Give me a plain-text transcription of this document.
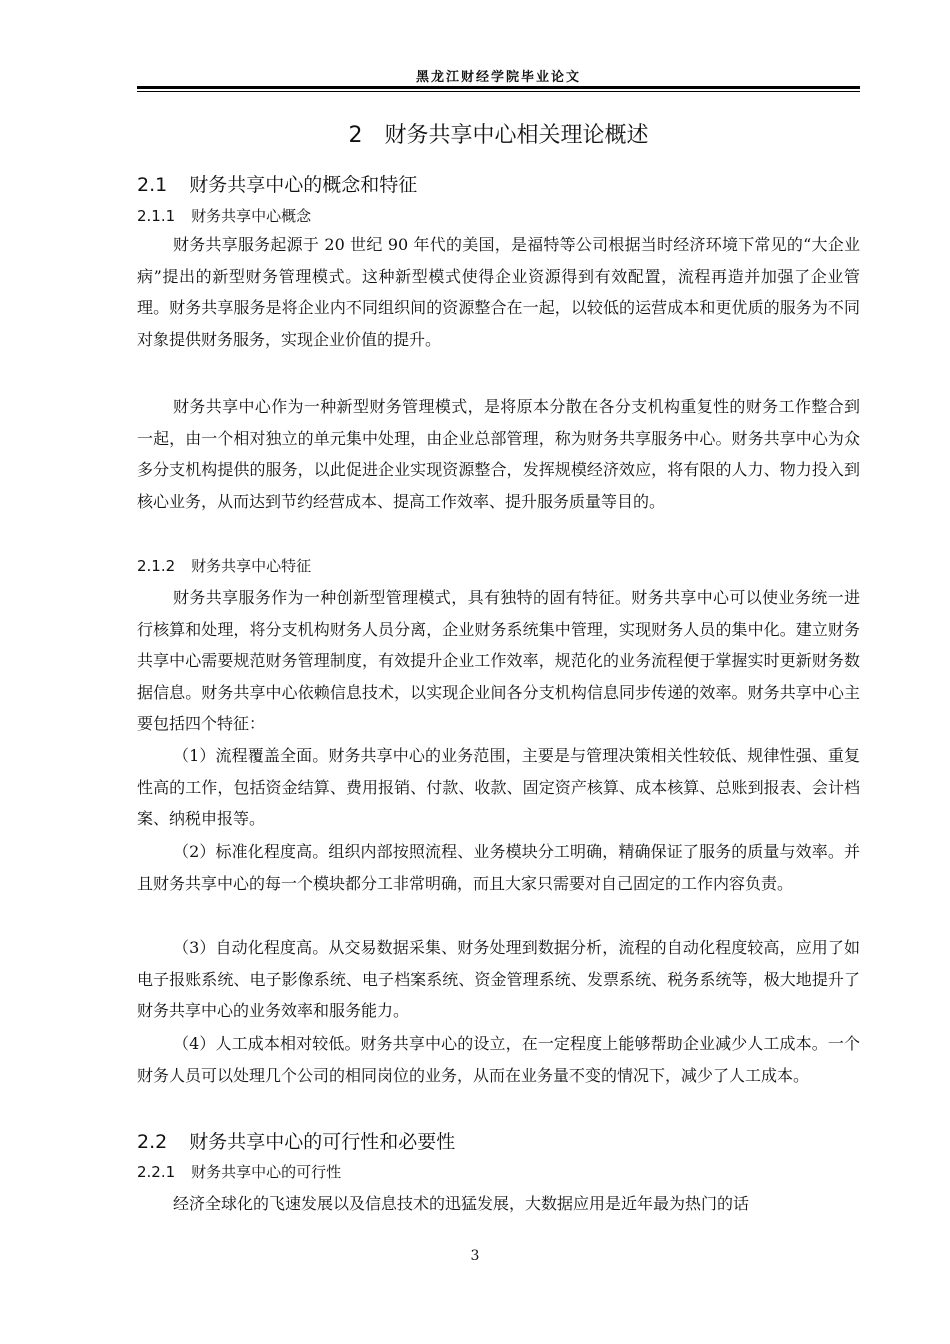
黑龙江财经学院毕业论文
2 财务共享中心相关理论概述
2.1 财务共享中心的概念和特征
2.1.1 财务共享中心概念

财务共享服务起源于 20 世纪 90 年代的美国，是福特等公司根据当时经济环境下常见的“大企业病”提出的新型财务管理模式。这种新型模式使得企业资源得到有效配置，流程再造并加强了企业管理。财务共享服务是将企业内不同组织间的资源整合在一起，以较低的运营成本和更优质的服务为不同对象提供财务服务，实现企业价值的提升。

财务共享中心作为一种新型财务管理模式，是将原本分散在各分支机构重复性的财务工作整合到一起，由一个相对独立的单元集中处理，由企业总部管理，称为财务共享服务中心。财务共享中心为众多分支机构提供的服务，以此促进企业实现资源整合，发挥规模经济效应，将有限的人力、物力投入到核心业务，从而达到节约经营成本、提高工作效率、提升服务质量等目的。

2.1.2 财务共享中心特征

财务共享服务作为一种创新型管理模式，具有独特的固有特征。财务共享中心可以使业务统一进行核算和处理，将分支机构财务人员分离，企业财务系统集中管理，实现财务人员的集中化。建立财务共享中心需要规范财务管理制度，有效提升企业工作效率，规范化的业务流程便于掌握实时更新财务数据信息。财务共享中心依赖信息技术，以实现企业间各分支机构信息同步传递的效率。财务共享中心主要包括四个特征：

（1）流程覆盖全面。财务共享中心的业务范围，主要是与管理决策相关性较低、规律性强、重复性高的工作，包括资金结算、费用报销、付款、收款、固定资产核算、成本核算、总账到报表、会计档案、纳税申报等。

（2）标准化程度高。组织内部按照流程、业务模块分工明确，精确保证了服务的质量与效率。并且财务共享中心的每一个模块都分工非常明确，而且大家只需要对自己固定的工作内容负责。

（3）自动化程度高。从交易数据采集、财务处理到数据分析，流程的自动化程度较高，应用了如电子报账系统、电子影像系统、电子档案系统、资金管理系统、发票系统、税务系统等，极大地提升了财务共享中心的业务效率和服务能力。

（4）人工成本相对较低。财务共享中心的设立，在一定程度上能够帮助企业减少人工成本。一个财务人员可以处理几个公司的相同岗位的业务，从而在业务量不变的情况下，减少了人工成本。

2.2 财务共享中心的可行性和必要性
2.2.1 财务共享中心的可行性

经济全球化的飞速发展以及信息技术的迅猛发展，大数据应用是近年最为热门的话

3
